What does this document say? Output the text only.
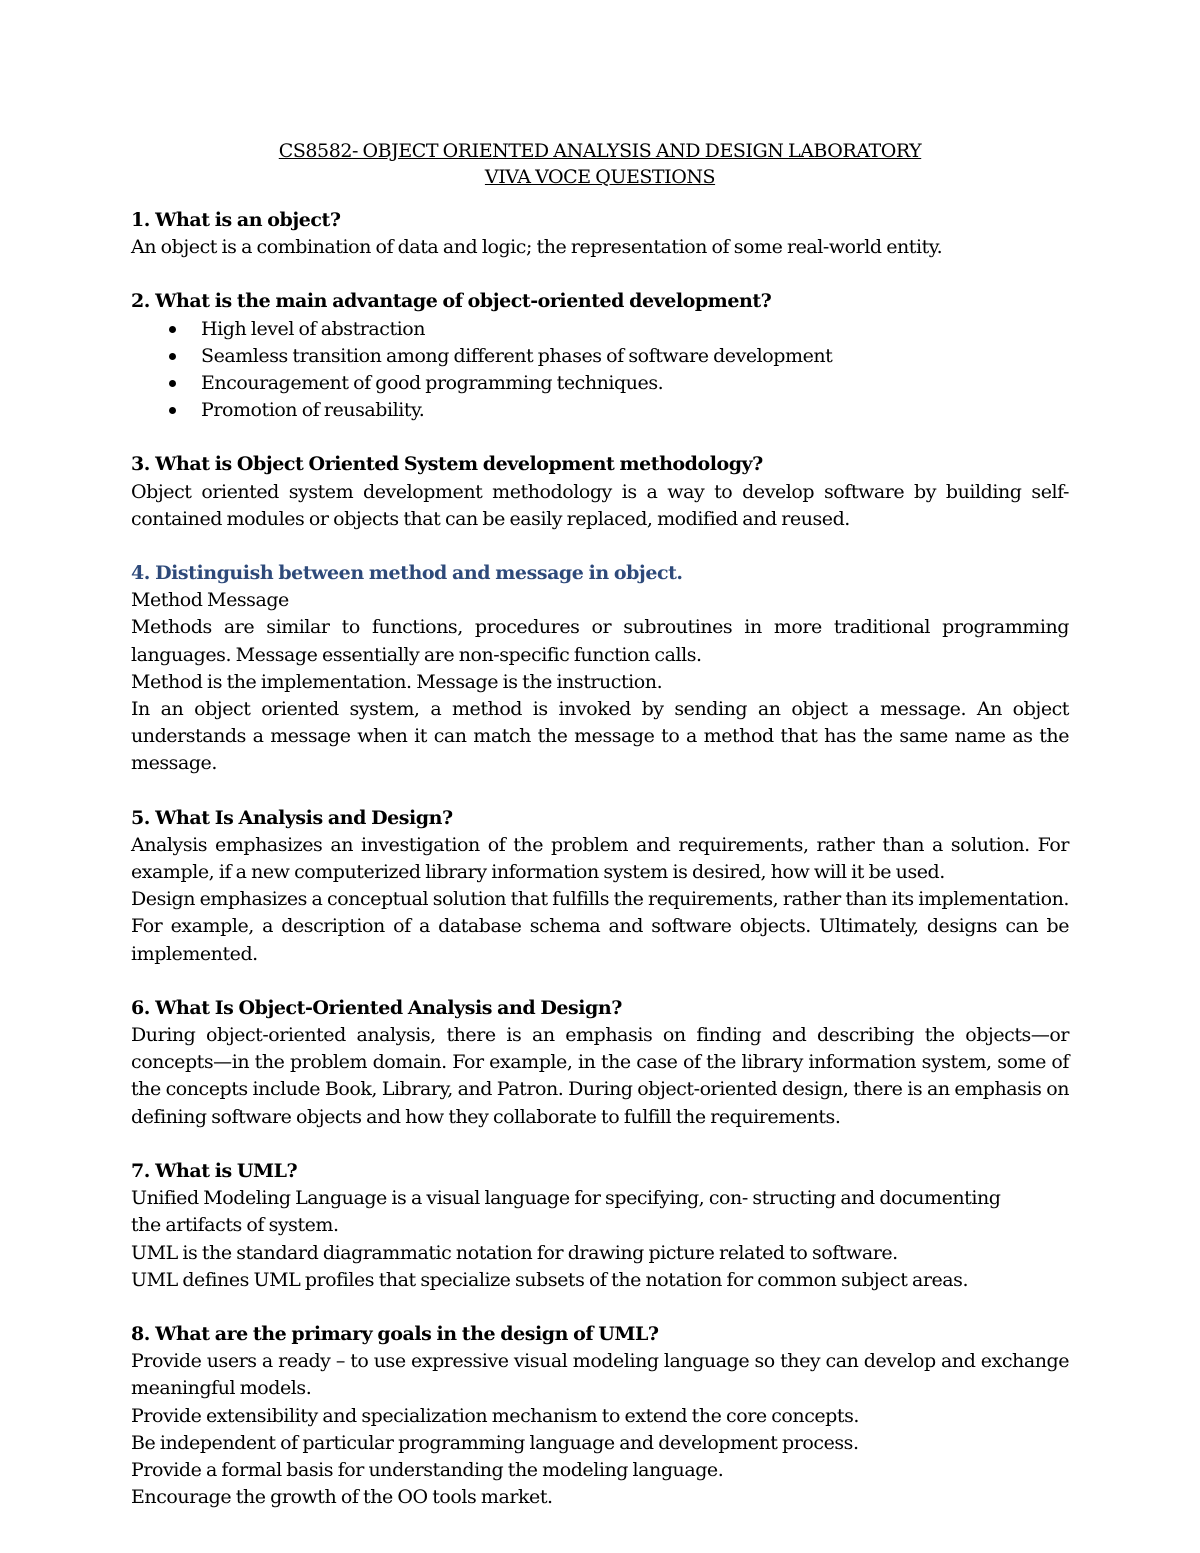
CS8582- OBJECT ORIENTED ANALYSIS AND DESIGN LABORATORY

VIVA VOCE QUESTIONS

1. What is an object?

An object is a combination of data and logic; the representation of some real-world entity.

2. What is the main advantage of object-oriented development?

High level of abstraction
Seamless transition among different phases of software development
Encouragement of good programming techniques.
Promotion of reusability.

3. What is Object Oriented System development methodology?

Object oriented system development methodology is a way to develop software by building self-contained modules or objects that can be easily replaced, modified and reused.

4. Distinguish between method and message in object.

Method Message

Methods are similar to functions, procedures or subroutines in more traditional programming languages. Message essentially are non-specific function calls.

Method is the implementation. Message is the instruction.

In an object oriented system, a method is invoked by sending an object a message. An object understands a message when it can match the message to a method that has the same name as the message.

5. What Is Analysis and Design?

Analysis emphasizes an investigation of the problem and requirements, rather than a solution. For example, if a new computerized library information system is desired, how will it be used.

Design emphasizes a conceptual solution that fulfills the requirements, rather than its implementation. For example, a description of a database schema and software objects. Ultimately, designs can be implemented.

6. What Is Object-Oriented Analysis and Design?

During object-oriented analysis, there is an emphasis on finding and describing the objects—or concepts—in the problem domain. For example, in the case of the library information system, some of the concepts include Book, Library, and Patron. During object-oriented design, there is an emphasis on defining software objects and how they collaborate to fulfill the requirements.

7. What is UML?

Unified Modeling Language is a visual language for specifying, con- structing and documenting

the artifacts of system.

UML is the standard diagrammatic notation for drawing picture related to software.

UML defines UML profiles that specialize subsets of the notation for common subject areas.

8. What are the primary goals in the design of UML?

Provide users a ready – to use expressive visual modeling language so they can develop and exchange meaningful models.

Provide extensibility and specialization mechanism to extend the core concepts.

Be independent of particular programming language and development process.

Provide a formal basis for understanding the modeling language.

Encourage the growth of the OO tools market.
